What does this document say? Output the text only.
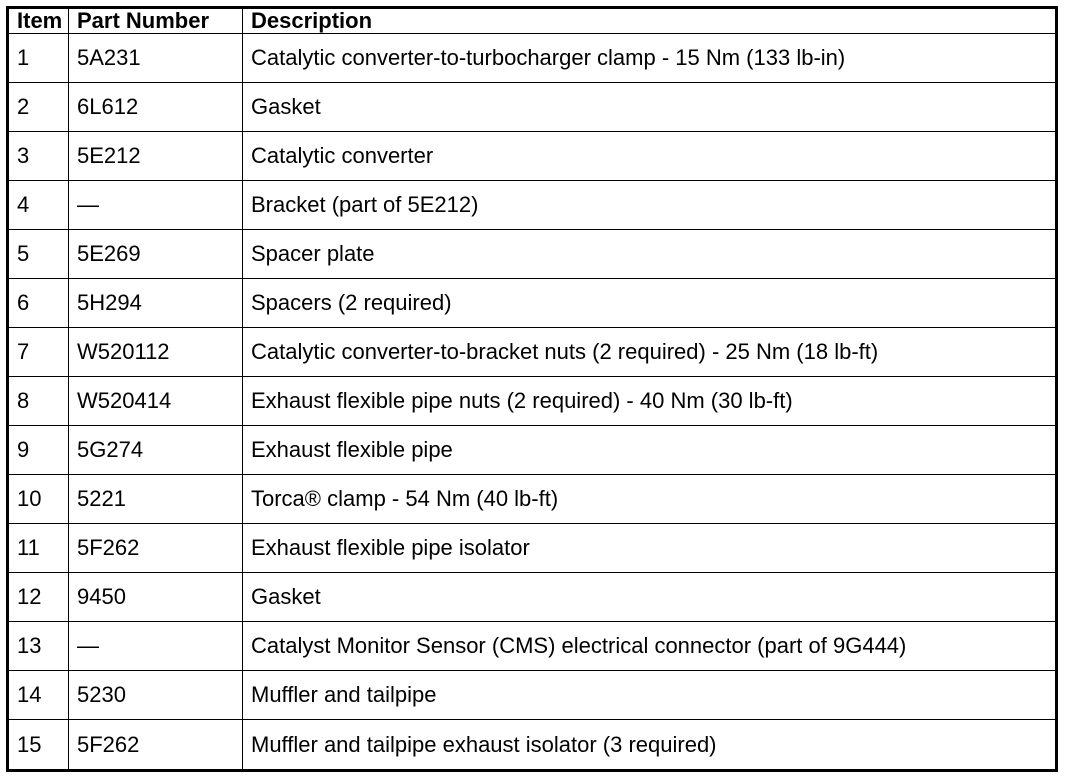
Item	Part Number	Description
1	5A231	Catalytic converter-to-turbocharger clamp - 15 Nm (133 lb-in)
2	6L612	Gasket
3	5E212	Catalytic converter
4	—	Bracket (part of 5E212)
5	5E269	Spacer plate
6	5H294	Spacers (2 required)
7	W520112	Catalytic converter-to-bracket nuts (2 required) - 25 Nm (18 lb-ft)
8	W520414	Exhaust flexible pipe nuts (2 required) - 40 Nm (30 lb-ft)
9	5G274	Exhaust flexible pipe
10	5221	Torca® clamp - 54 Nm (40 lb-ft)
11	5F262	Exhaust flexible pipe isolator
12	9450	Gasket
13	—	Catalyst Monitor Sensor (CMS) electrical connector (part of 9G444)
14	5230	Muffler and tailpipe
15	5F262	Muffler and tailpipe exhaust isolator (3 required)
